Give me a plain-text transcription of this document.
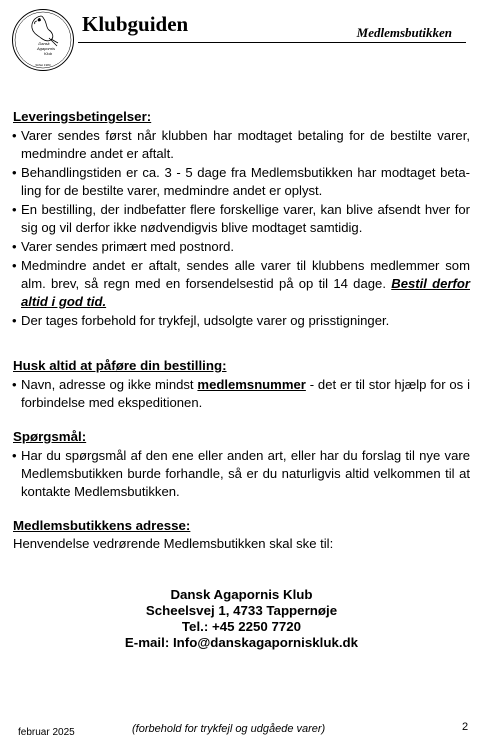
Dansk
Agapornis
Klub
Stiftet 1983
Klubguiden	Medlemsbutikken
Leveringsbetingelser:
• Varer sendes først når klubben har modtaget betaling for de bestilte varer, medmindre andet er aftalt.
• Behandlingstiden er ca. 3 - 5 dage fra Medlemsbutikken har modtaget beta-ling for de bestilte varer, medmindre andet er oplyst.
• En bestilling, der indbefatter flere forskellige varer, kan blive afsendt hver for sig og vil derfor ikke nødvendigvis blive modtaget samtidig.
• Varer sendes primært med postnord.
• Medmindre andet er aftalt, sendes alle varer til klubbens medlemmer som alm. brev, så regn med en forsendelsestid på op til 14 dage. Bestil derfor altid i god tid.
• Der tages forbehold for trykfejl, udsolgte varer og prisstigninger.
Husk altid at påføre din bestilling:
• Navn, adresse og ikke mindst medlemsnummer - det er til stor hjælp for os i forbindelse med ekspeditionen.
Spørgsmål:
• Har du spørgsmål af den ene eller anden art, eller har du forslag til nye vare Medlemsbutikken burde forhandle, så er du naturligvis altid velkommen til at kontakte Medlemsbutikken.
Medlemsbutikkens adresse:
Henvendelse vedrørende Medlemsbutikken skal ske til:
Dansk Agapornis Klub
Scheelsvej 1, 4733 Tappernøje
Tel.: +45 2250 7720
E-mail: Info@danskagaporniskluk.dk
februar 2025	(forbehold for trykfejl og udgåede varer)	2
